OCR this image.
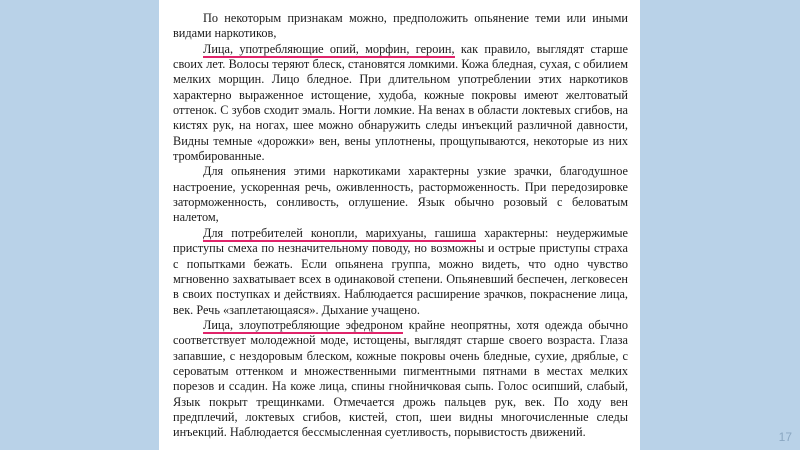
По некоторым признакам можно, предположить опьянение теми или иными видами наркотиков,

Лица, употребляющие опий, морфин, героин, как правило, выглядят старше своих лет. Волосы теряют блеск, становятся ломкими. Кожа бледная, сухая, с обилием мелких морщин. Лицо бледное. При длительном употреблении этих наркотиков характерно выраженное истощение, худоба, кожные покровы имеют желтоватый оттенок. С зубов сходит эмаль. Ногти ломкие. На венах в области локтевых сгибов, на кистях рук, на ногах, шее можно обнаружить следы инъекций различной давности, Видны темные «дорожки» вен, вены уплотнены, прощупываются, некоторые из них тромбированные.

Для опьянения этими наркотиками характерны узкие зрачки, благодушное настроение, ускоренная речь, оживленность, расторможенность. При передозировке заторможенность, сонливость, оглушение. Язык обычно розовый с беловатым налетом,

Для потребителей конопли, марихуаны, гашиша характерны: неудержимые приступы смеха по незначительному поводу, но возможны и острые приступы страха с попытками бежать. Если опьянена группа, можно видеть, что одно чувство мгновенно захватывает всех в одинаковой степени. Опьяневший беспечен, легковесен в своих поступках и действиях. Наблюдается расширение зрачков, покраснение лица, век. Речь «заплетающаяся». Дыхание учащено.

Лица, злоупотребляющие эфедроном крайне неопрятны, хотя одежда обычно соответствует молодежной моде, истощены, выглядят старше своего возраста. Глаза запавшие, с нездоровым блеском, кожные покровы очень бледные, сухие, дряблые, с сероватым оттенком и множественными пигментными пятнами в местах мелких порезов и ссадин. На коже лица, спины гнойничковая сыпь. Голос осипший, слабый, Язык покрыт трещинками. Отмечается дрожь пальцев рук, век. По ходу вен предплечий, локтевых сгибов, кистей, стоп, шеи видны многочисленные следы инъекций. Наблюдается бессмысленная суетливость, порывистость движений.	17
